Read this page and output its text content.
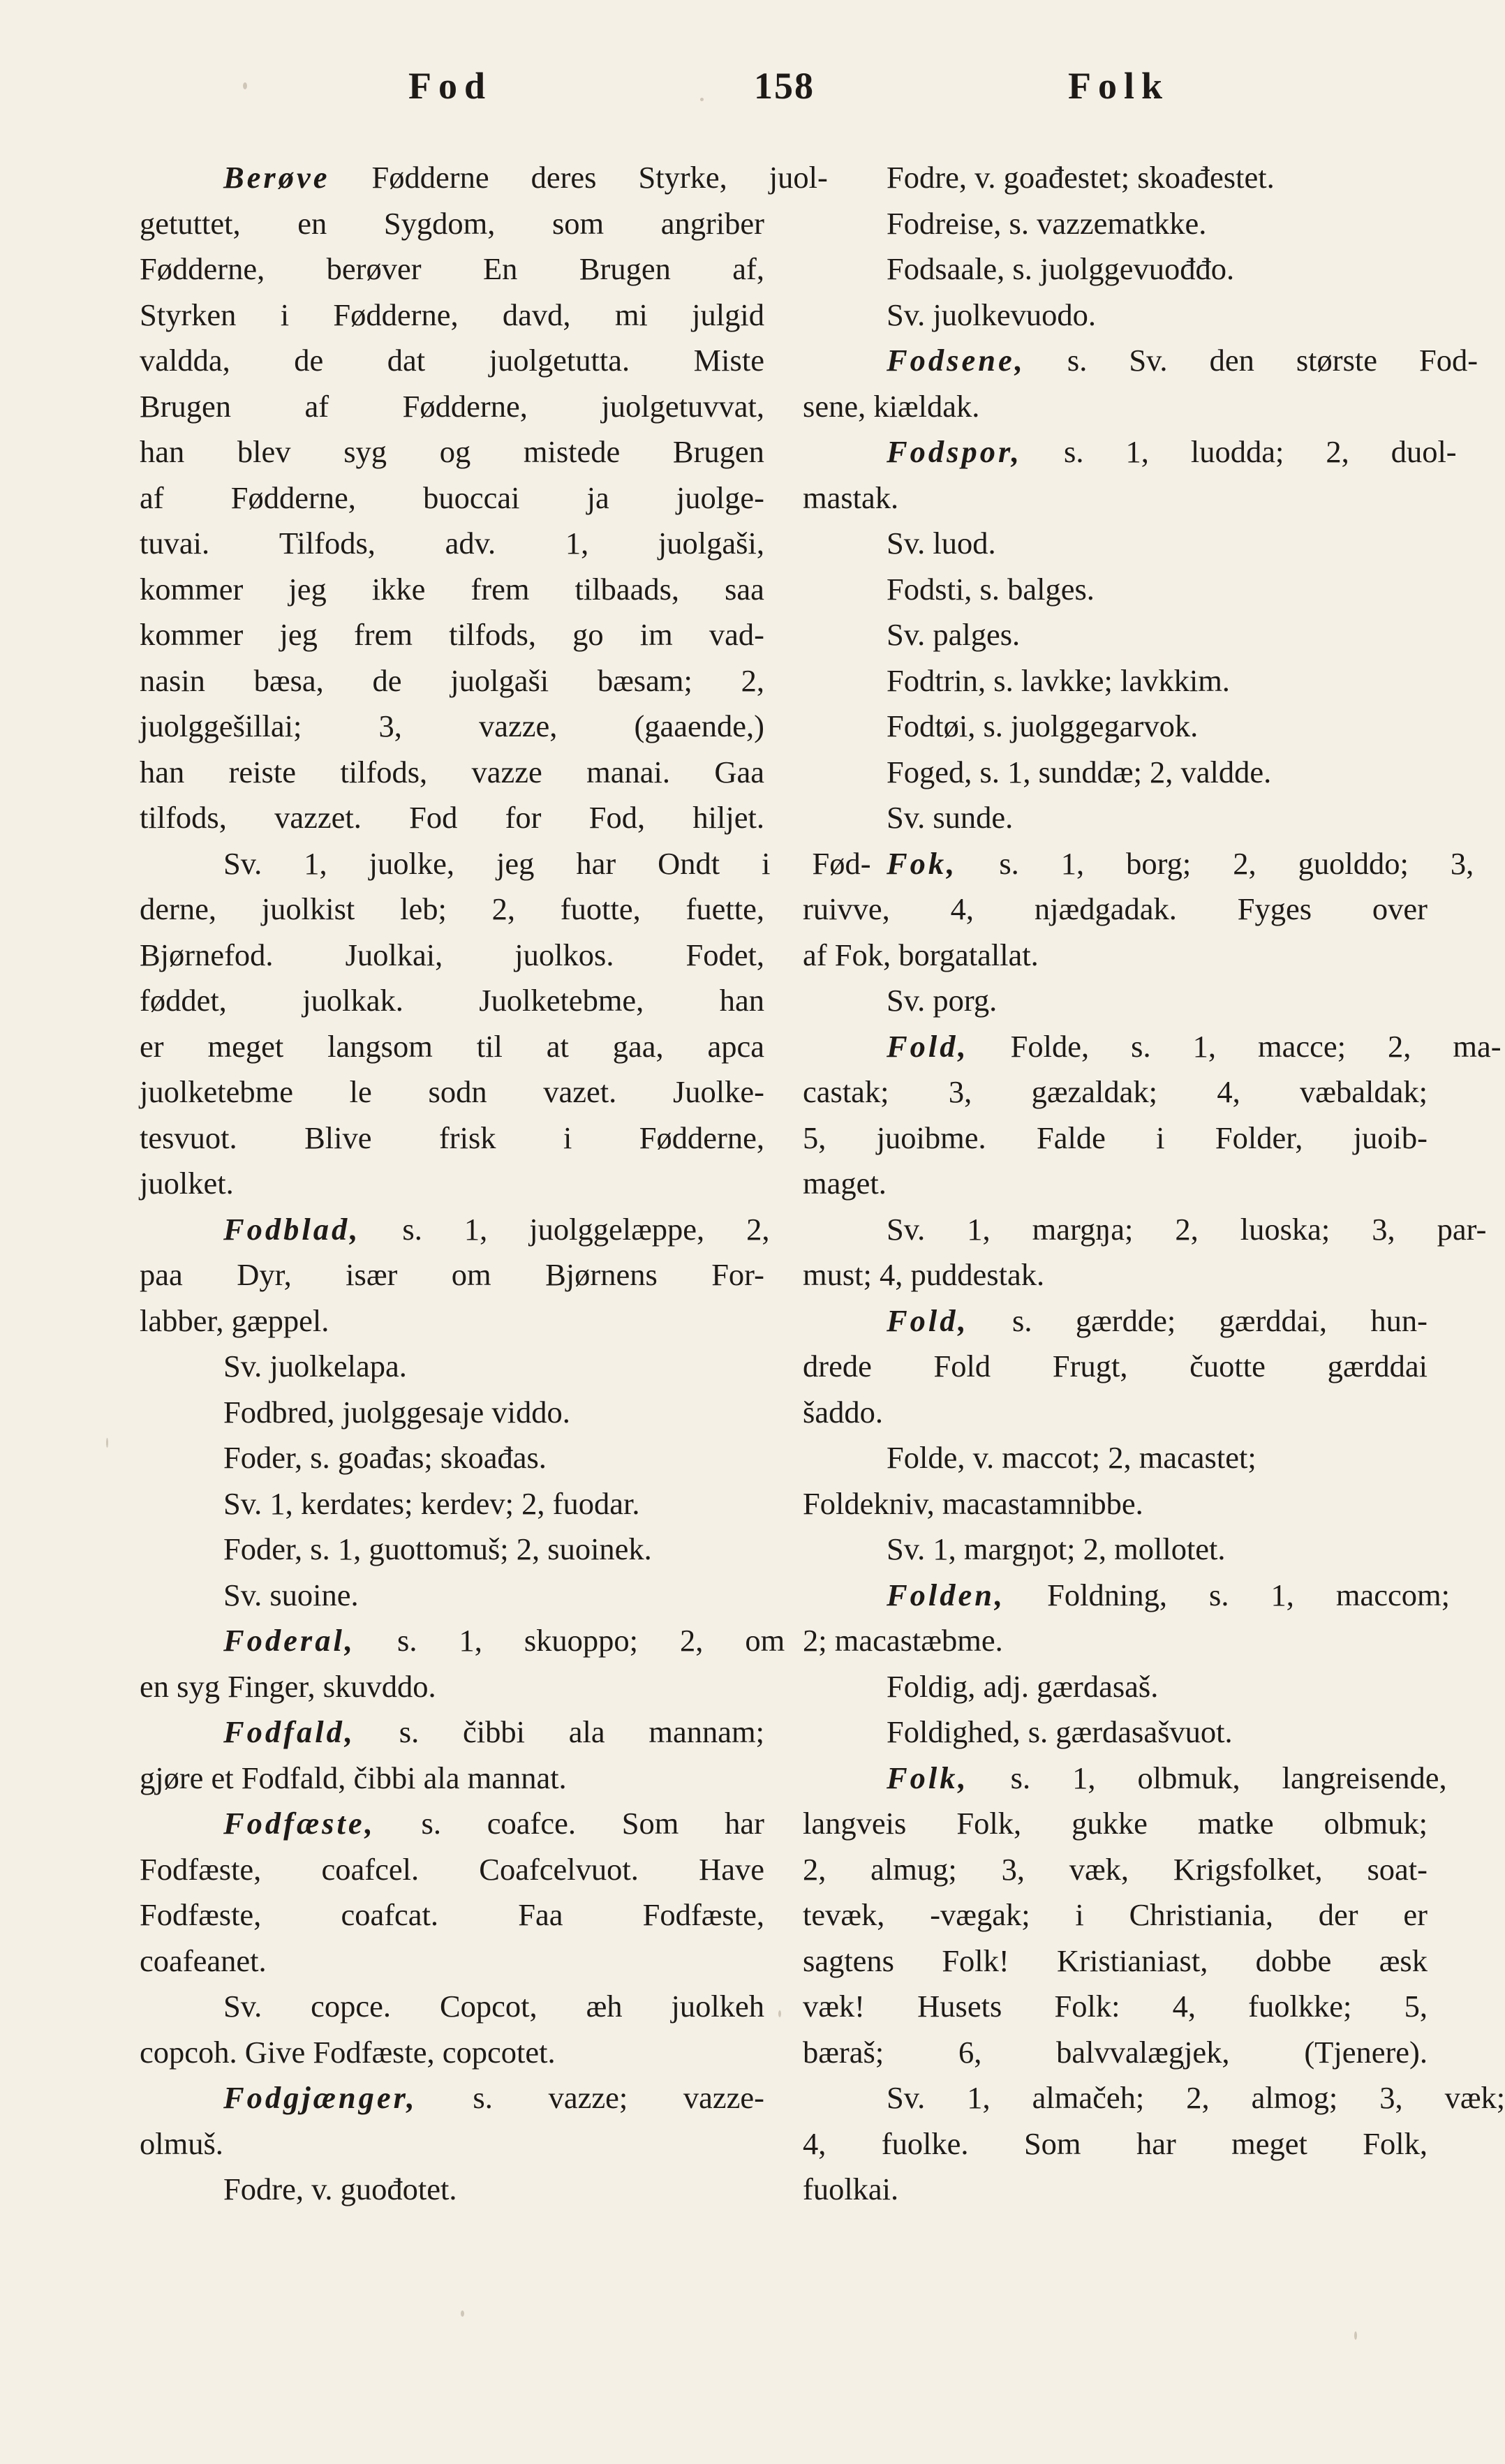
Fod	158	Folk
Berøve	Fødderne	deres	Styrke,	juol-
getuttet, en Sygdom, som angriber
Fødderne, berøver En Brugen af,
Styrken i Fødderne, davd, mi julgid
valdda, de dat juolgetutta. Miste
Brugen af Fødderne, juolgetuvvat,
han blev syg og mistede Brugen
af Fødderne, buoccai ja juolge-
tuvai. Tilfods, adv. 1, juolgaši,
kommer jeg ikke frem tilbaads, saa
kommer jeg frem tilfods, go im vad-
nasin bæsa, de juolgaši bæsam; 2,
juolggešillai; 3, vazze, (gaaende,)
han reiste tilfods, vazze manai. Gaa
tilfods, vazzet. Fod for Fod, hiljet.
Sv.	1,	juolke,	jeg	har	Ondt	i	Fød-
derne, juolkist leb; 2, fuotte, fuette,
Bjørnefod. Juolkai, juolkos. Fodet,
føddet, juolkak. Juolketebme, han
er meget langsom til at gaa, apca
juolketebme le sodn vazet. Juolke-
tesvuot. Blive frisk i Fødderne,
juolket.
Fodblad,	s.	1,	juolggelæppe,	2,
paa Dyr, især om Bjørnens For-
labber, gæppel.
Sv. juolkelapa.
Fodbred, juolggesaje viddo.
Foder, s. goađas; skoađas.
Sv. 1, kerdates; kerdev; 2, fuodar.
Foder, s. 1, guottomuš; 2, suoinek.
Sv. suoine.
Foderal,	s.	1,	skuoppo;	2,	om
en syg Finger, skuvddo.
Fodfald,	s.	čibbi	ala	mannam;
gjøre et Fodfald, čibbi ala mannat.
Fodfæste,	s.	coafce.	Som	har
Fodfæste, coafcel. Coafcelvuot. Have
Fodfæste,	coafcat.	Faa	Fodfæste,
coafeanet.
Sv.	copce.	Copcot,	æh	juolkeh
copcoh. Give Fodfæste, copcotet.
Fodgjænger,	s.	vazze;	vazze-
olmuš.
Fodre, v. guođotet.
Fodre, v. goađestet; skoađestet.
Fodreise, s. vazzematkke.
Fodsaale, s. juolggevuođđo.
Sv. juolkevuodo.
Fodsene,	s.	Sv.	den	største	Fod-
sene, kiældak.
Fodspor,	s.	1,	luodda;	2,	duol-
mastak.
Sv. luod.
Fodsti, s. balges.
Sv. palges.
Fodtrin, s. lavkke; lavkkim.
Fodtøi, s. juolggegarvok.
Foged, s. 1, sunddæ; 2, valdde.
Sv. sunde.
Fok,	s.	1,	borg;	2,	guolddo;	3,
ruivve, 4, njædgadak. Fyges over
af Fok, borgatallat.
Sv. porg.
Fold,	Folde,	s.	1,	macce;	2,	ma-
castak; 3, gæzaldak; 4, væbaldak;
5, juoibme. Falde i Folder, juoib-
maget.
Sv.	1,	margŋa;	2,	luoska;	3,	par-
must; 4, puddestak.
Fold,	s.	gærdde;	gærddai,	hun-
drede Fold Frugt, čuotte gærddai
šaddo.
Folde, v. maccot; 2, macastet;
Foldekniv, macastamnibbe.
Sv. 1, margŋot; 2, mollotet.
Folden,	Foldning,	s.	1,	maccom;
2; macastæbme.
Foldig, adj. gærdasaš.
Foldighed, s. gærdasašvuot.
Folk,	s.	1,	olbmuk,	langreisende,
langveis Folk, gukke matke olbmuk;
2, almug; 3, væk, Krigsfolket, soat-
tevæk, -vægak; i Christiania, der er
sagtens Folk! Kristianiast, dobbe æsk
væk! Husets Folk: 4, fuolkke; 5,
bæraš; 6, balvvalægjek, (Tjenere).
Sv.	1,	almačeh;	2,	almog;	3,	væk;
4, fuolke. Som har meget Folk,
fuolkai.
